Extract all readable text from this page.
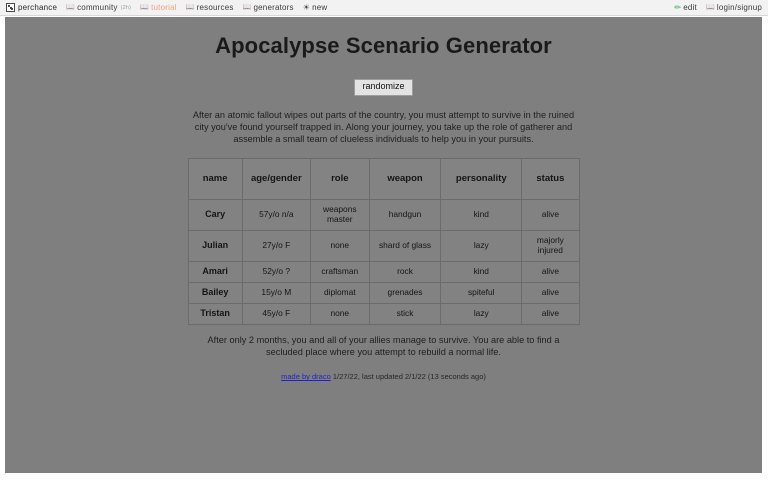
perchance 📖 community (2h) 📖 tutorial 📖 resources 📖 generators ☀ new	✏ edit 📖 login/signup
Apocalypse Scenario Generator
randomize

After an atomic fallout wipes out parts of the country, you must attempt to survive in the ruined city you've found yourself trapped in. Along your journey, you take up the role of gatherer and assemble a small team of clueless individuals to help you in your pursuits.

name	age/gender	role	weapon	personality	status
Cary	57y/o n/a	weapons master	handgun	kind	alive
Julian	27y/o F	none	shard of glass	lazy	majorly injured
Amari	52y/o ?	craftsman	rock	kind	alive
Bailey	15y/o M	diplomat	grenades	spiteful	alive
Tristan	45y/o F	none	stick	lazy	alive

After only 2 months, you and all of your allies manage to survive. You are able to find a secluded place where you attempt to rebuild a normal life.

made by draco 1/27/22, last updated 2/1/22 (13 seconds ago)
